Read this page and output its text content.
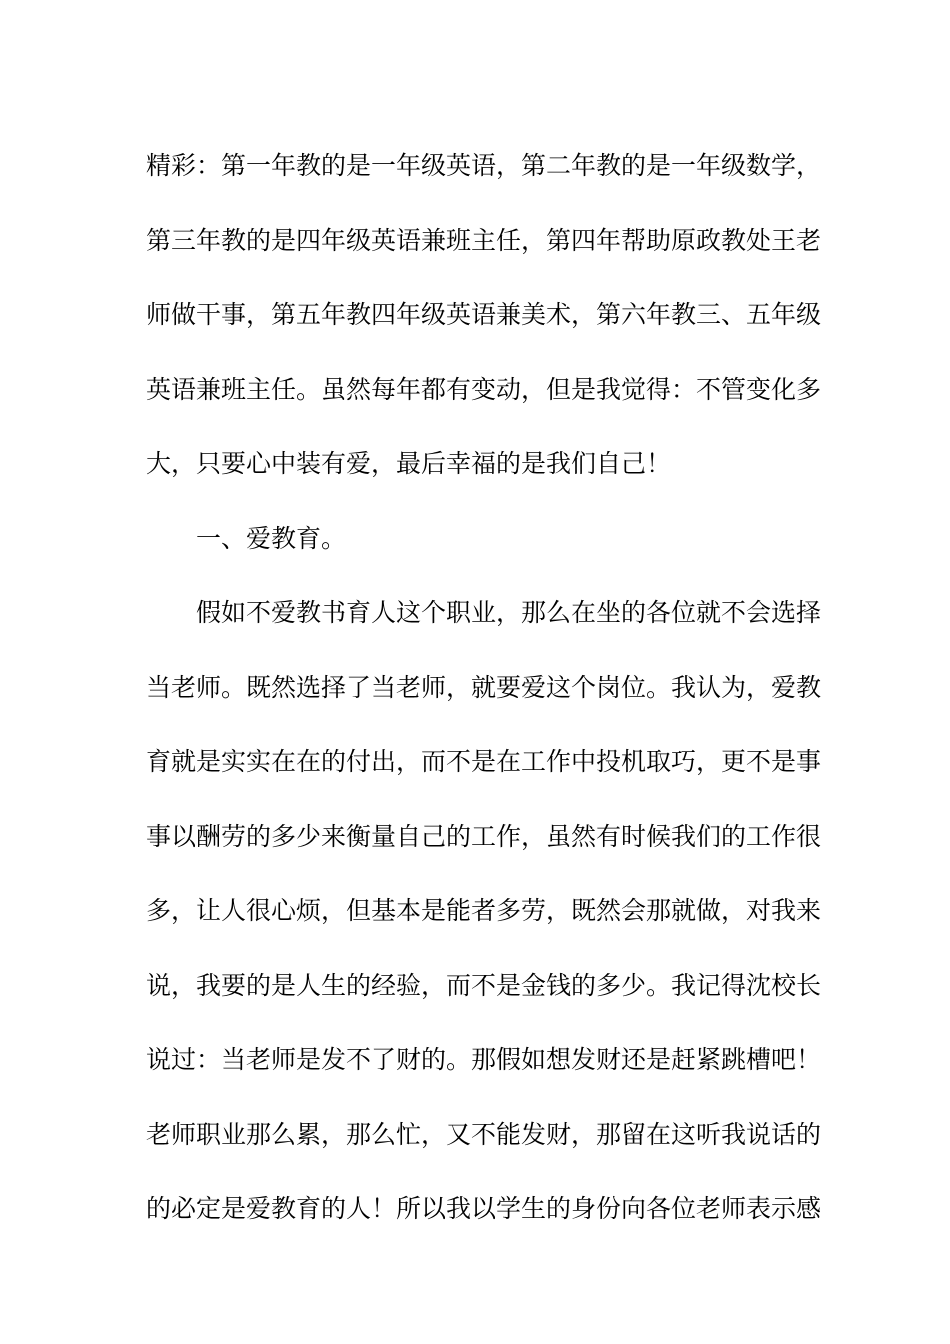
精彩：第一年教的是一年级英语，第二年教的是一年级数学，
第三年教的是四年级英语兼班主任，第四年帮助原政教处王老
师做干事，第五年教四年级英语兼美术，第六年教三、五年级
英语兼班主任。虽然每年都有变动，但是我觉得：不管变化多
大，只要心中装有爱，最后幸福的是我们自己！
一、爱教育。
假如不爱教书育人这个职业，那么在坐的各位就不会选择
当老师。既然选择了当老师，就要爱这个岗位。我认为，爱教
育就是实实在在的付出，而不是在工作中投机取巧，更不是事
事以酬劳的多少来衡量自己的工作，虽然有时候我们的工作很
多，让人很心烦，但基本是能者多劳，既然会那就做，对我来
说，我要的是人生的经验，而不是金钱的多少。我记得沈校长
说过：当老师是发不了财的。那假如想发财还是赶紧跳槽吧！
老师职业那么累，那么忙，又不能发财，那留在这听我说话的
的必定是爱教育的人！所以我以学生的身份向各位老师表示感
